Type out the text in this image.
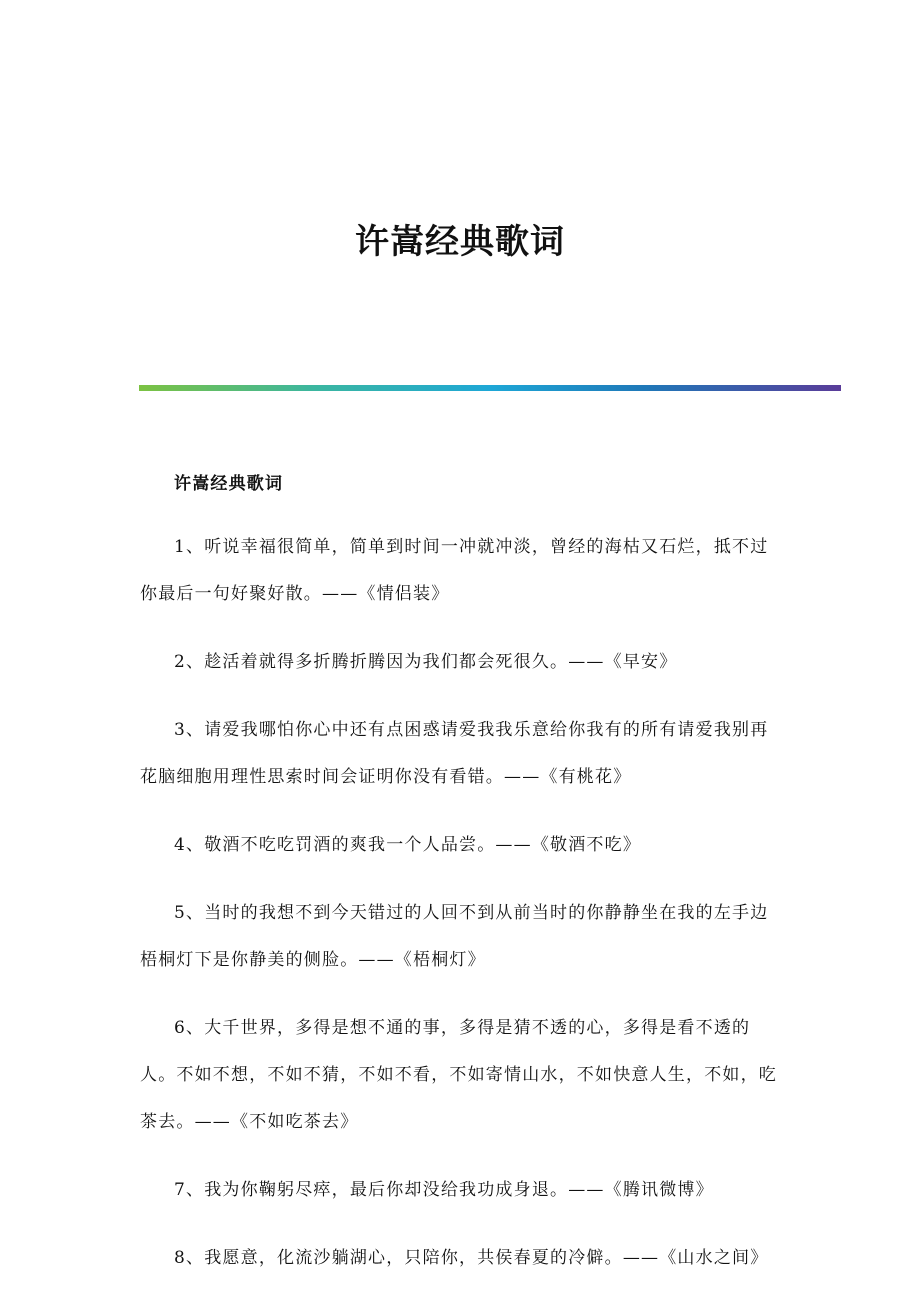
许嵩经典歌词

许嵩经典歌词

1、听说幸福很简单，简单到时间一冲就冲淡，曾经的海枯又石烂，抵不过你最后一句好聚好散。——《情侣装》

2、趁活着就得多折腾折腾因为我们都会死很久。——《早安》

3、请爱我哪怕你心中还有点困惑请爱我我乐意给你我有的所有请爱我别再花脑细胞用理性思索时间会证明你没有看错。——《有桃花》

4、敬酒不吃吃罚酒的爽我一个人品尝。——《敬酒不吃》

5、当时的我想不到今天错过的人回不到从前当时的你静静坐在我的左手边梧桐灯下是你静美的侧脸。——《梧桐灯》

6、大千世界，多得是想不通的事，多得是猜不透的心，多得是看不透的人。不如不想，不如不猜，不如不看，不如寄情山水，不如快意人生，不如，吃茶去。——《不如吃茶去》

7、我为你鞠躬尽瘁，最后你却没给我功成身退。——《腾讯微博》

8、我愿意，化流沙躺湖心，只陪你，共侯春夏的冷僻。——《山水之间》
